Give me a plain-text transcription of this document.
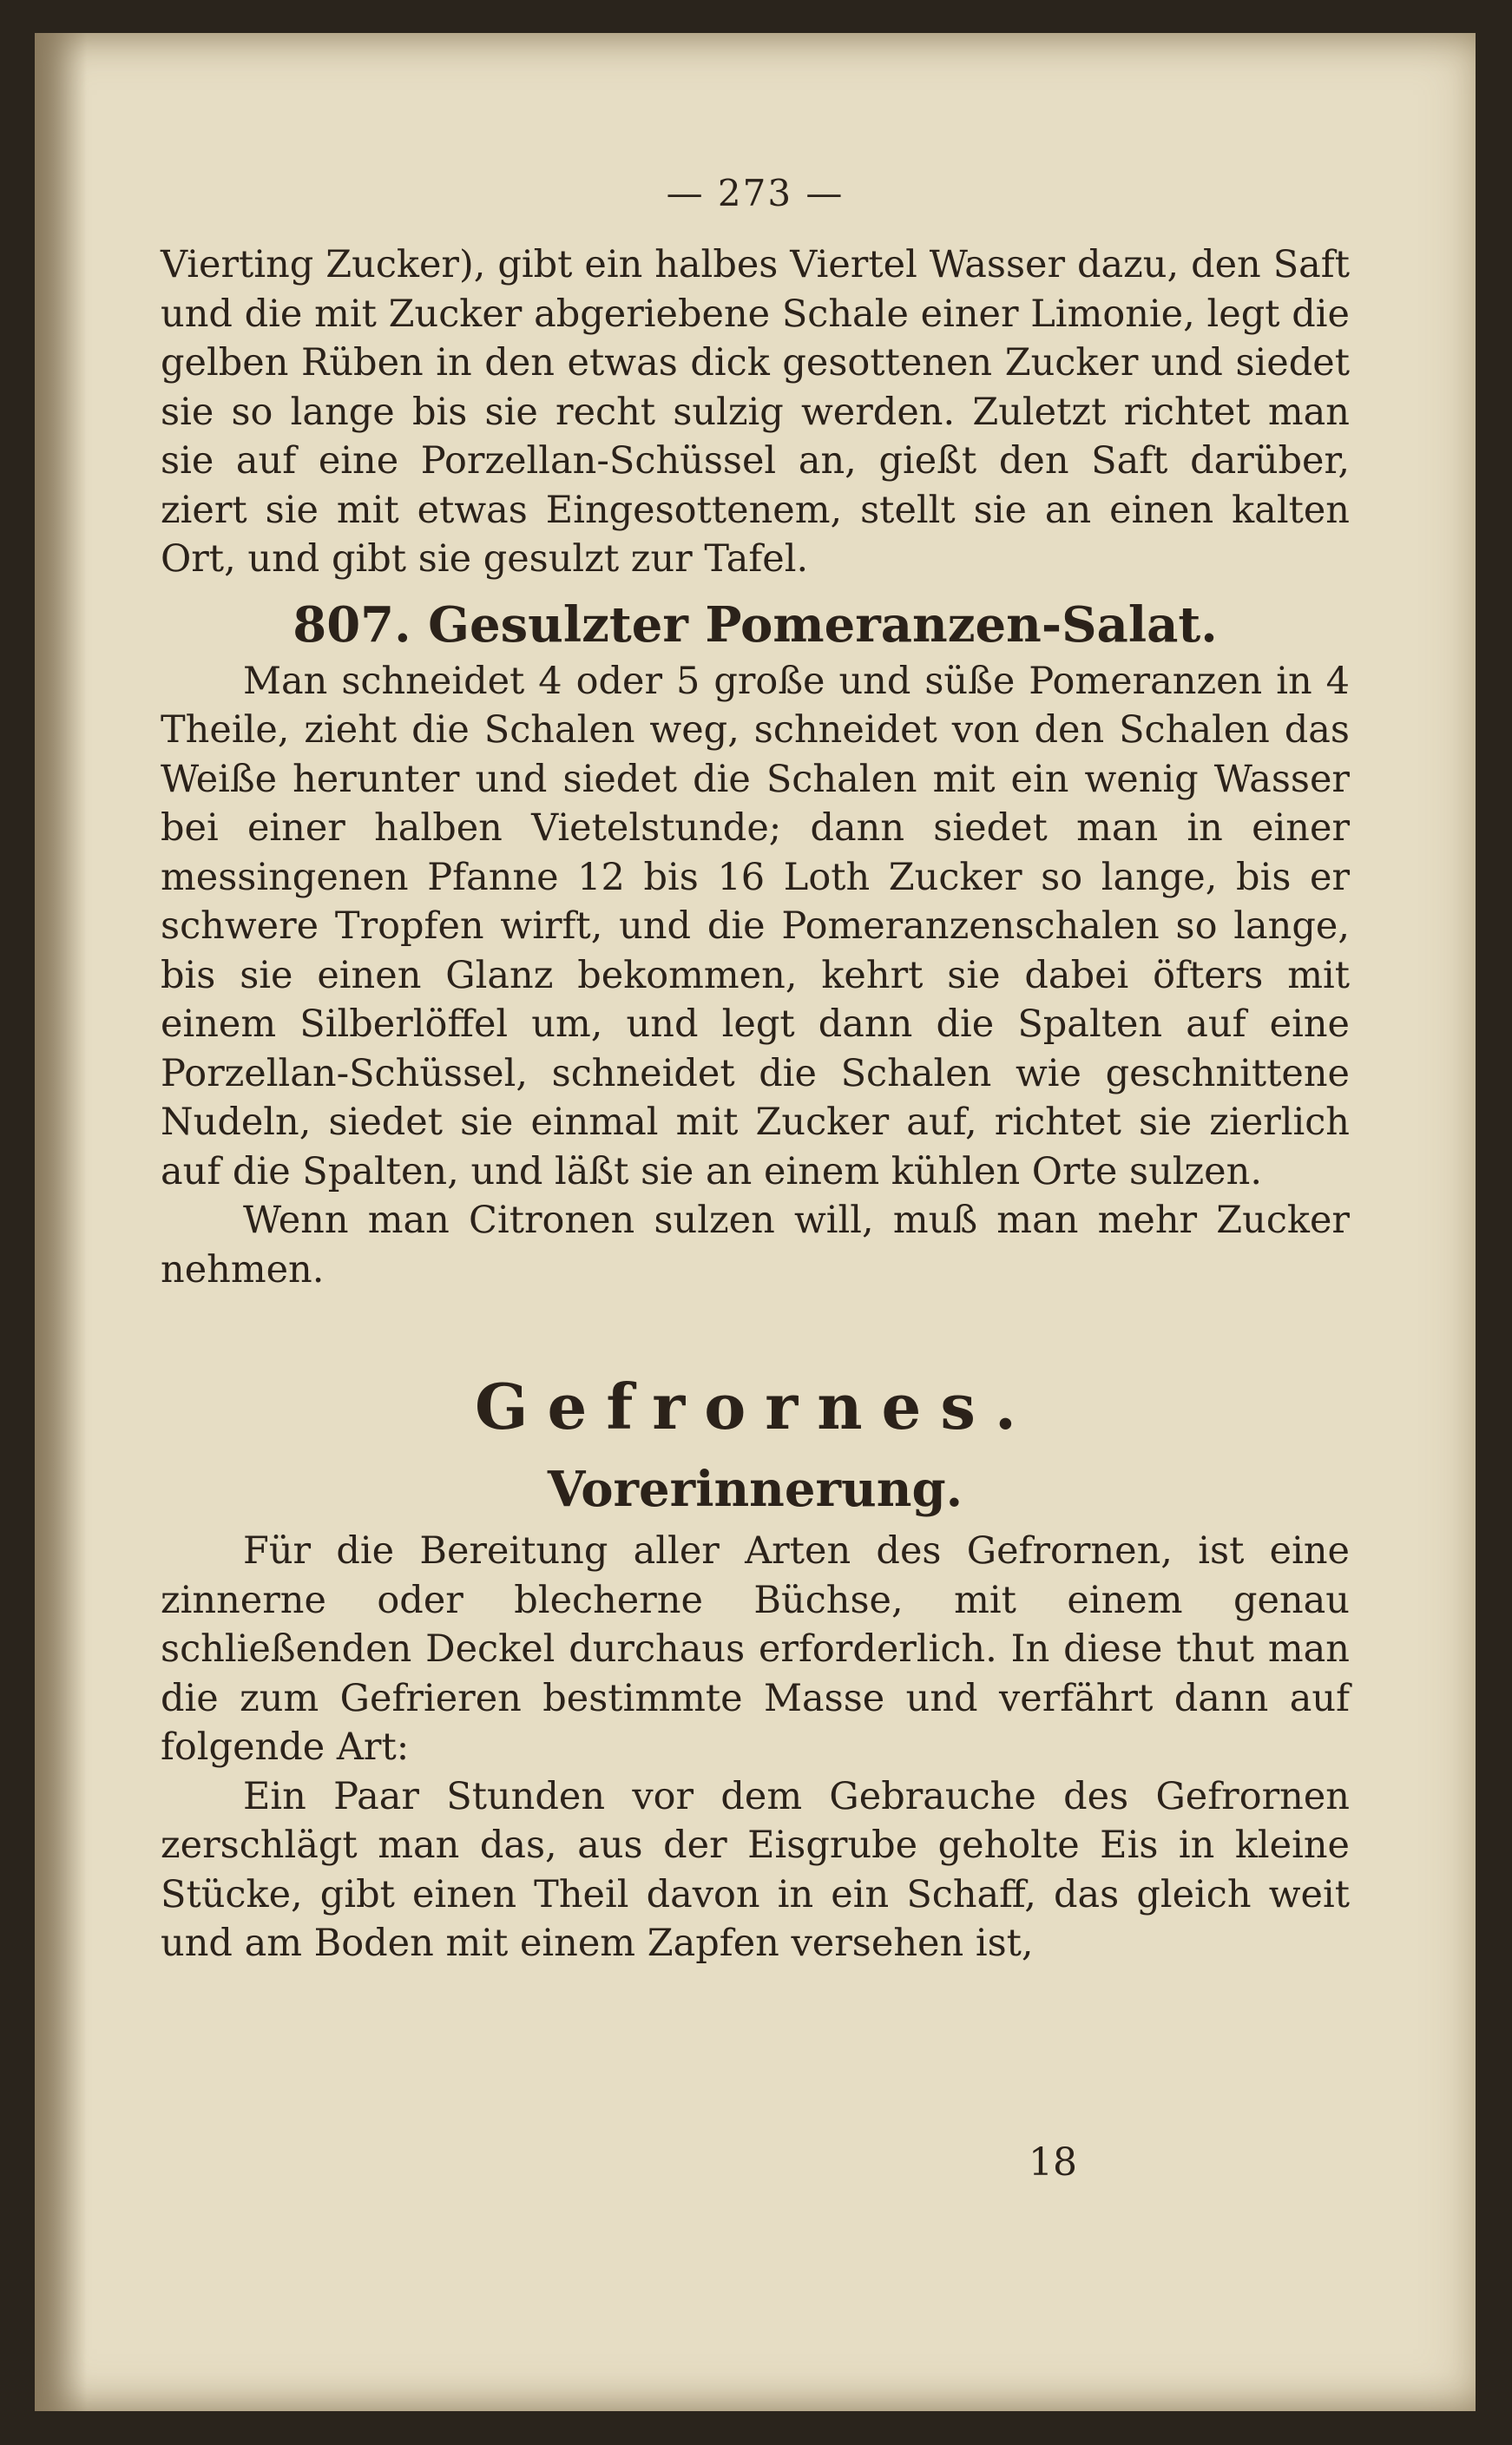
— 273 —

Vierting Zucker), gibt ein halbes Viertel Wasser dazu, den Saft und die mit Zucker abgeriebene Schale einer Limonie, legt die gelben Rüben in den etwas dick gesottenen Zucker und siedet sie so lange bis sie recht sulzig werden. Zuletzt richtet man sie auf eine Porzellan-Schüssel an, gießt den Saft darüber, ziert sie mit etwas Eingesottenem, stellt sie an einen kalten Ort, und gibt sie gesulzt zur Tafel.

807. Gesulzter Pomeranzen-Salat.

Man schneidet 4 oder 5 große und süße Pomeranzen in 4 Theile, zieht die Schalen weg, schneidet von den Schalen das Weiße herunter und siedet die Schalen mit ein wenig Wasser bei einer halben Vietelstunde; dann siedet man in einer messingenen Pfanne 12 bis 16 Loth Zucker so lange, bis er schwere Tropfen wirft, und die Pomeranzenschalen so lange, bis sie einen Glanz bekommen, kehrt sie dabei öfters mit einem Silberlöffel um, und legt dann die Spalten auf eine Porzellan-Schüssel, schneidet die Schalen wie geschnittene Nudeln, siedet sie einmal mit Zucker auf, richtet sie zierlich auf die Spalten, und läßt sie an einem kühlen Orte sulzen.

Wenn man Citronen sulzen will, muß man mehr Zucker nehmen.

Gefrornes.
Vorerinnerung.

Für die Bereitung aller Arten des Gefrornen, ist eine zinnerne oder blecherne Büchse, mit einem genau schließenden Deckel durchaus erforderlich. In diese thut man die zum Gefrieren bestimmte Masse und verfährt dann auf folgende Art:

Ein Paar Stunden vor dem Gebrauche des Gefrornen zerschlägt man das, aus der Eisgrube geholte Eis in kleine Stücke, gibt einen Theil davon in ein Schaff, das gleich weit und am Boden mit einem Zapfen versehen ist,

18
